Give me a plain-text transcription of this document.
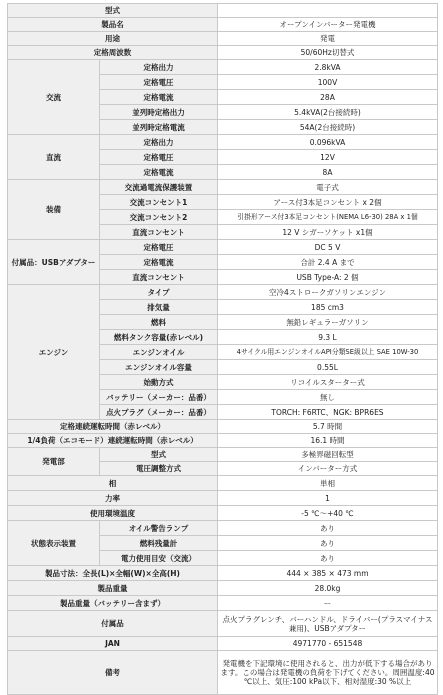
型式		
製品名		オープンインバーター発電機
用途		発電
定格周波数		50/60Hz切替式
交流	定格出力	2.8kVA
	定格電圧	100V
	定格電流	28A
	並列時定格出力	5.4kVA(2台接続時)
	並列時定格電流	54A(2台接続時)
直流	定格出力	0.096kVA
	定格電圧	12V
	定格電流	8A
装備	交流過電流保護装置	電子式
	交流コンセント1	アース付3本足コンセント x 2個
	交流コンセント2	引掛形アース付3本足コンセント(NEMA L6-30) 28A x 1個
	直流コンセント	12 V シガーソケット x1個
付属品：USBアダプター	定格電圧	DC 5 V
	定格電流	合計 2.4 A まで
	直流コンセント	USB Type-A: 2 個
エンジン	タイプ	空冷4ストロークガソリンエンジン
	排気量	185 cm3
	燃料	無鉛レギュラーガソリン
	燃料タンク容量(赤レベル)	9.3 L
	エンジンオイル	4サイクル用エンジンオイルAPI分類SE級以上 SAE 10W-30
	エンジンオイル容量	0.55L
	始動方式	リコイルスターター式
	バッテリー（メーカー：品番）	無し
	点火プラグ（メーカー：品番）	TORCH: F6RTC、NGK: BPR6ES
定格連続運転時間（赤レベル）		5.7 時間
1/4負荷（エコモード）連続運転時間（赤レベル）		16.1 時間
発電部	型式	多極界磁回転型
	電圧調整方式	インバーター方式
相		単相
力率		1
使用環境温度		-5 ℃〜+40 ℃
状態表示装置	オイル警告ランプ	あり
	燃料残量計	あり
	電力使用目安（交流）	あり
製品寸法：全長(L)×全幅(W)×全高(H)		444 × 385 × 473 mm
製品重量		28.0kg
製品重量（バッテリー含まず）		ー
付属品		点火プラグレンチ、バーハンドル、ドライバー(プラスマイナス兼用)、USBアダプター
JAN		4971770 - 651548
備考		発電機を下記環境に使用されると、出力が低下する場合があります。この場合は発電機の負荷を下げてください。周囲温度:40 ℃以上、気圧:100 kPa以下、相対湿度:30 %以上
